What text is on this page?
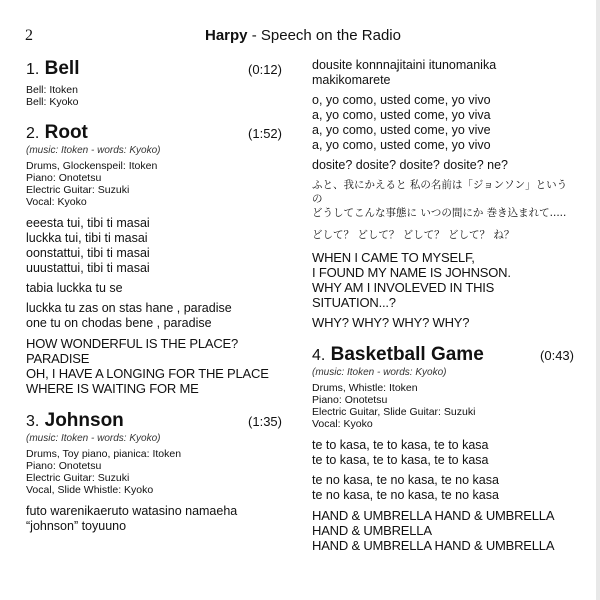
2	Harpy - Speech on the Radio
1. Bell	(0:12)
Bell: Itoken
Bell: Kyoko
2. Root	(1:52)
(music: Itoken - words: Kyoko)
Drums, Glockenspeil: Itoken
Piano: Onotetsu
Electric Guitar: Suzuki
Vocal: Kyoko
eeesta tui, tibi ti masai
luckka tui, tibi ti masai
oonstattui, tibi ti masai
uuustattui, tibi ti masai
tabia luckka tu se
luckka tu zas on stas hane , paradise
one tu on chodas bene , paradise
HOW WONDERFUL IS THE PLACE?
PARADISE
OH, I HAVE A LONGING FOR THE PLACE
WHERE IS WAITING FOR ME
3. Johnson	(1:35)
(music: Itoken - words: Kyoko)
Drums, Toy piano, pianica: Itoken
Piano: Onotetsu
Electric Guitar: Suzuki
Vocal, Slide Whistle: Kyoko
futo warenikaeruto watasino namaeha
“johnson” toyuuno
dousite konnnajitaini itunomanika
makikomarete
o, yo como, usted come, yo vivo
a, yo como, usted come, yo viva
a, yo como, usted come, yo vive
a, yo como, usted come, yo vivo
dosite? dosite? dosite? dosite? ne?
ふと、我にかえると 私の名前は「ジョンソン」というの
どうしてこんな事態に いつの間にか 巻き込まれて.....
どして？ どして？ どして？ どして？ ね？
WHEN I CAME TO MYSELF,
I FOUND MY NAME IS JOHNSON.
WHY AM I INVOLEVED IN THIS
SITUATION...?
WHY? WHY? WHY? WHY?
4. Basketball Game	(0:43)
(music: Itoken - words: Kyoko)
Drums, Whistle: Itoken
Piano: Onotetsu
Electric Guitar, Slide Guitar: Suzuki
Vocal: Kyoko
te to kasa, te to kasa, te to kasa
te to kasa, te to kasa, te to kasa
te no kasa, te no kasa, te no kasa
te no kasa, te no kasa, te no kasa
HAND & UMBRELLA HAND & UMBRELLA
HAND & UMBRELLA
HAND & UMBRELLA HAND & UMBRELLA
